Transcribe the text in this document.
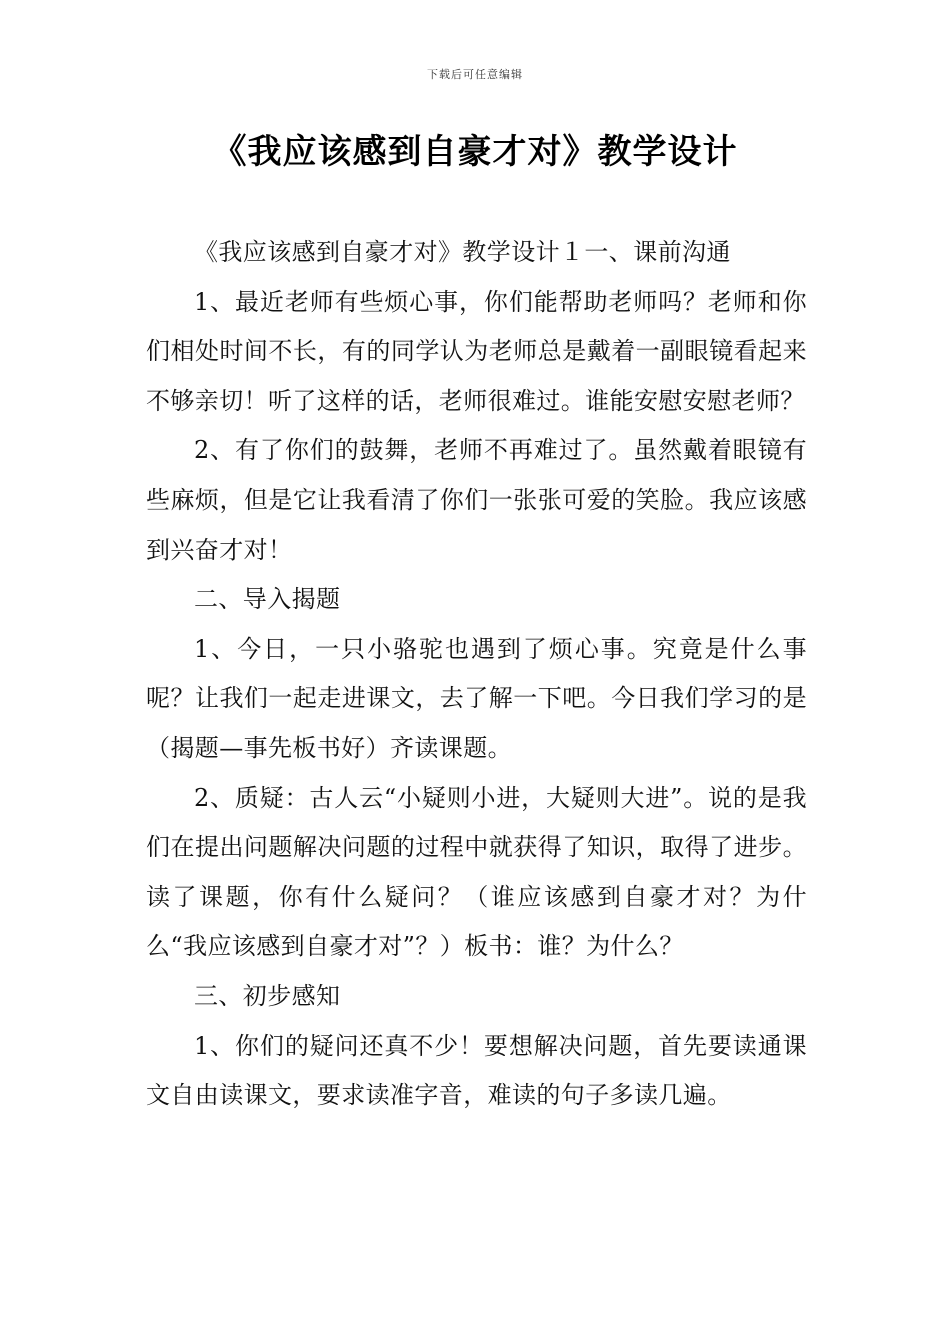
下载后可任意编辑
《我应该感到自豪才对》教学设计

《我应该感到自豪才对》教学设计１一、课前沟通

1、最近老师有些烦心事，你们能帮助老师吗？老师和你们相处时间不长，有的同学认为老师总是戴着一副眼镜看起来不够亲切！听了这样的话，老师很难过。谁能安慰安慰老师？

2、有了你们的鼓舞，老师不再难过了。虽然戴着眼镜有些麻烦，但是它让我看清了你们一张张可爱的笑脸。我应该感到兴奋才对！

二、导入揭题

1、今日，一只小骆驼也遇到了烦心事。究竟是什么事呢？让我们一起走进课文，去了解一下吧。今日我们学习的是（揭题—事先板书好）齐读课题。

2、质疑：古人云“小疑则小进，大疑则大进”。说的是我们在提出问题解决问题的过程中就获得了知识，取得了进步。读了课题，你有什么疑问？（谁应该感到自豪才对？为什么“我应该感到自豪才对”？）板书：谁？为什么？

三、初步感知

1、你们的疑问还真不少！要想解决问题，首先要读通课文自由读课文，要求读准字音，难读的句子多读几遍。
